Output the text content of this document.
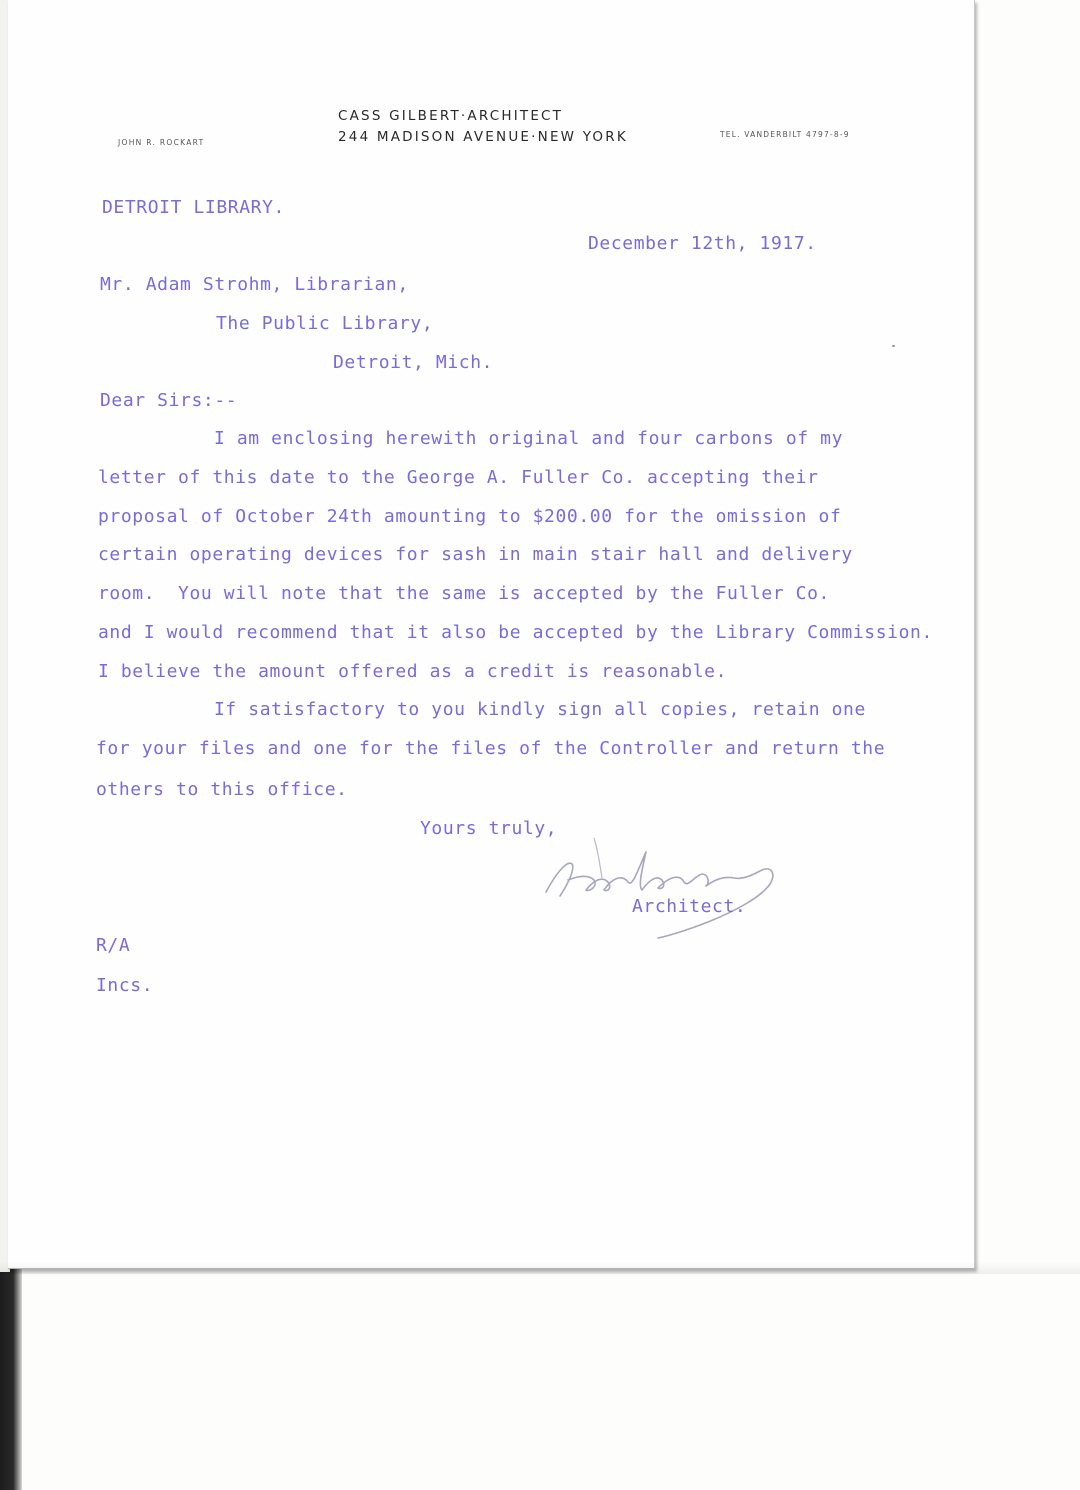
CASS GILBERT·ARCHITECT
244 MADISON AVENUE·NEW YORK
JOHN R. ROCKART
TEL. VANDERBILT 4797-8-9
DETROIT LIBRARY.
December 12th, 1917.
Mr. Adam Strohm, Librarian,
The Public Library,
Detroit, Mich.
Dear Sirs:--
I am enclosing herewith original and four carbons of my
letter of this date to the George A. Fuller Co. accepting their
proposal of October 24th amounting to $200.00 for the omission of
certain operating devices for sash in main stair hall and delivery
room.  You will note that the same is accepted by the Fuller Co.
and I would recommend that it also be accepted by the Library Commission.
I believe the amount offered as a credit is reasonable.
If satisfactory to you kindly sign all copies, retain one
for your files and one for the files of the Controller and return the
others to this office.
Yours truly,
Architect.
R/A
Incs.
